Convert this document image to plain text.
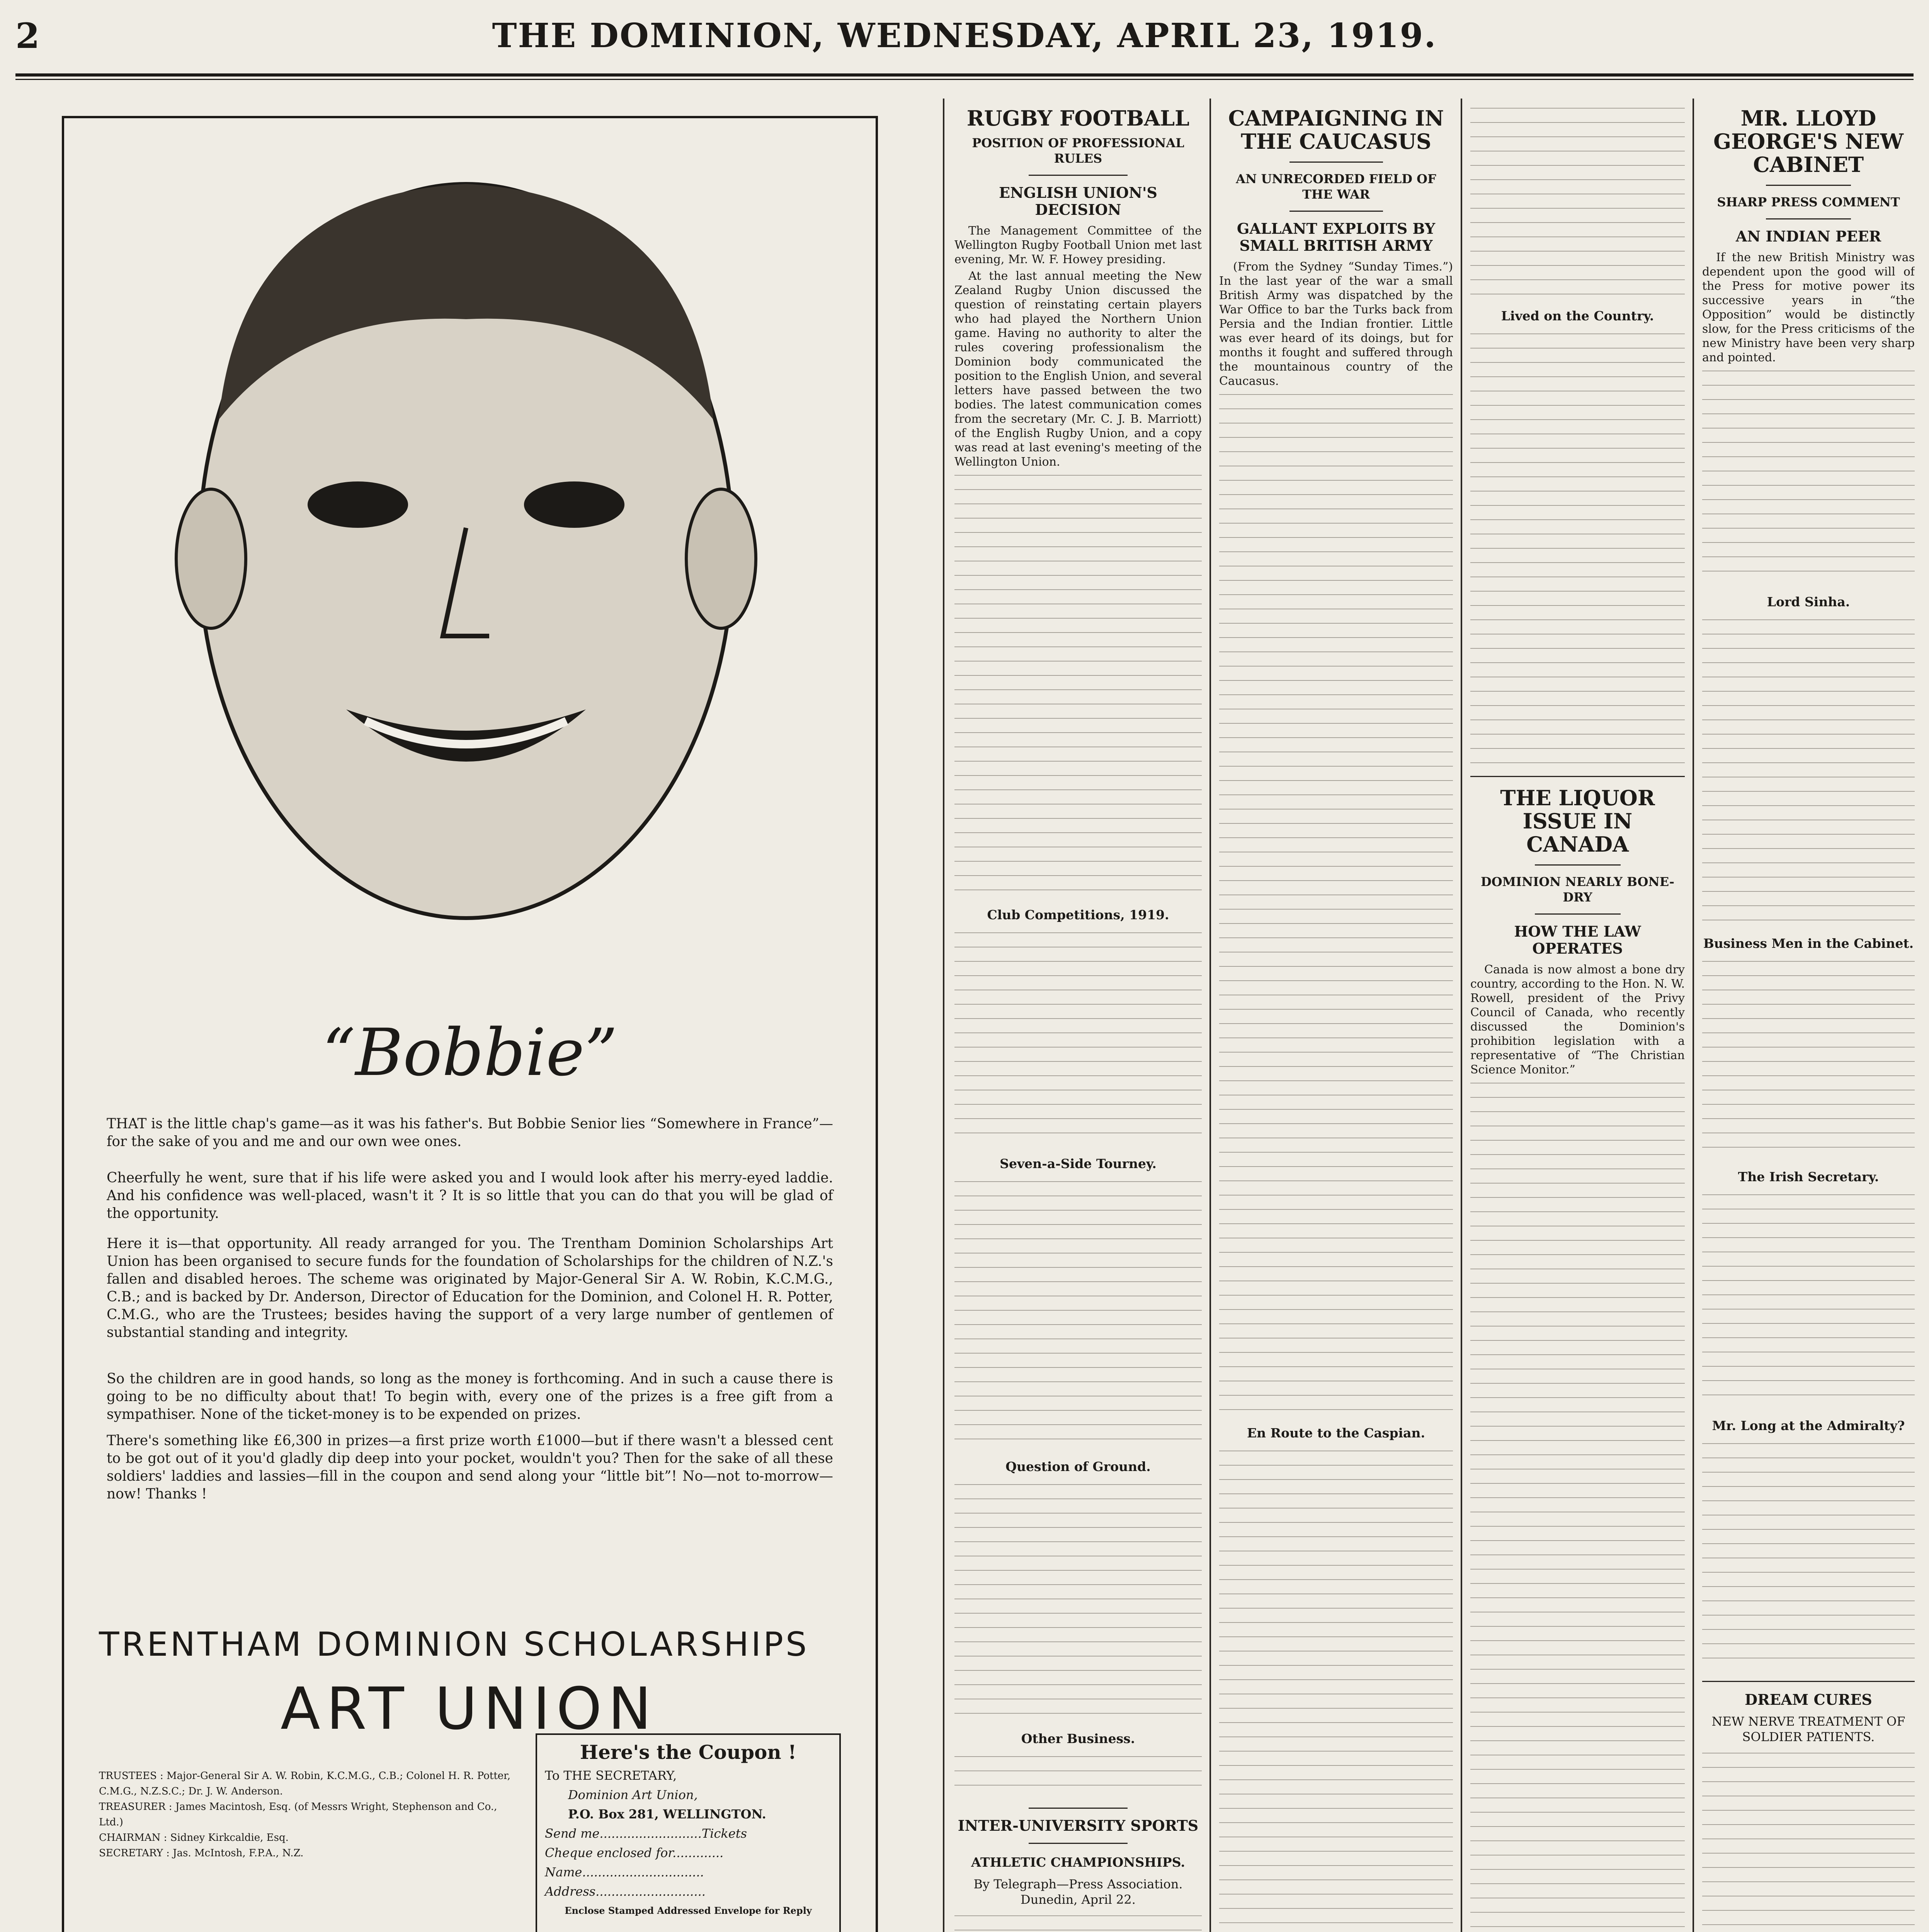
2	THE DOMINION, WEDNESDAY, APRIL 23, 1919.
“Bobbie”
THAT is the little chap's game—as it was his father's. But Bobbie Senior lies “Somewhere in France”—for the sake of you and me and our own wee ones.
Cheerfully he went, sure that if his life were asked you and I would look after his merry-eyed laddie. And his confidence was well-placed, wasn't it ? It is so little that you can do that you will be glad of the opportunity.
Here it is—that opportunity. All ready arranged for you. The Trentham Dominion Scholarships Art Union has been organised to secure funds for the foundation of Scholarships for the children of N.Z.'s fallen and disabled heroes. The scheme was originated by Major-General Sir A. W. Robin, K.C.M.G., C.B.; and is backed by Dr. Anderson, Director of Education for the Dominion, and Colonel H. R. Potter, C.M.G., who are the Trustees; besides having the support of a very large number of gentlemen of substantial standing and integrity.
So the children are in good hands, so long as the money is forthcoming. And in such a cause there is going to be no difficulty about that! To begin with, every one of the prizes is a free gift from a sympathiser. None of the ticket-money is to be expended on prizes.
There's something like £6,300 in prizes—a first prize worth £1000—but if there wasn't a blessed cent to be got out of it you'd gladly dip deep into your pocket, wouldn't you? Then for the sake of all these soldiers' laddies and lassies—fill in the coupon and send along your “little bit”! No—not to-morrow—now! Thanks !
TRENTHAM DOMINION SCHOLARSHIPS
ART UNION
TRUSTEES : Major-General Sir A. W. Robin, K.C.M.G., C.B.; Colonel H. R. Potter, C.M.G., N.Z.S.C.; Dr. J. W. Anderson.
TREASURER : James Macintosh, Esq. (of Messrs Wright, Stephenson and Co., Ltd.)
CHAIRMAN : Sidney Kirkcaldie, Esq.
SECRETARY : Jas. McIntosh, F.P.A., N.Z.
Here's the Coupon !
To THE SECRETARY,
Dominion Art Union,
P.O. Box 281, WELLINGTON.
Send me..........................Tickets
Cheque enclosed for.............
Name...............................
Address............................
Enclose Stamped Addressed Envelope for Reply

RUGBY FOOTBALL
POSITION OF PROFESSIONAL RULES
ENGLISH UNION'S DECISION

The Management Committee of the Wellington Rugby Football Union met last evening, Mr. W. F. Howey presiding.

At the last annual meeting the New Zealand Rugby Union discussed the question of reinstating certain players who had played the Northern Union game. Having no authority to alter the rules covering professionalism the Dominion body communicated the position to the English Union, and several letters have passed between the two bodies. The latest communication comes from the secretary (Mr. C. J. B. Marriott) of the English Rugby Union, and a copy was read at last evening's meeting of the Wellington Union.

Club Competitions, 1919.
Seven-a-Side Tourney.
Question of Ground.
Other Business.
INTER-UNIVERSITY SPORTS
ATHLETIC CHAMPIONSHIPS.
By Telegraph—Press Association. Dunedin, April 22.
CAMPAIGNING IN THE CAUCASUS
AN UNRECORDED FIELD OF THE WAR
GALLANT EXPLOITS BY SMALL BRITISH ARMY

(From the Sydney “Sunday Times.”) In the last year of the war a small British Army was dispatched by the War Office to bar the Turks back from Persia and the Indian frontier. Little was ever heard of its doings, but for months it fought and suffered through the mountainous country of the Caucasus.

En Route to the Caspian.
Lived on the Country.
THE LIQUOR ISSUE IN CANADA
DOMINION NEARLY BONE-DRY
HOW THE LAW OPERATES

Canada is now almost a bone dry country, according to the Hon. N. W. Rowell, president of the Privy Council of Canada, who recently discussed the Dominion's prohibition legislation with a representative of “The Christian Science Monitor.”

MR. LLOYD GEORGE'S NEW CABINET
SHARP PRESS COMMENT
AN INDIAN PEER

If the new British Ministry was dependent upon the good will of the Press for motive power its successive years in “the Opposition” would be distinctly slow, for the Press criticisms of the new Ministry have been very sharp and pointed.

Lord Sinha.
Business Men in the Cabinet.
The Irish Secretary.
Mr. Long at the Admiralty?
DREAM CURES
NEW NERVE TREATMENT OF SOLDIER PATIENTS.
